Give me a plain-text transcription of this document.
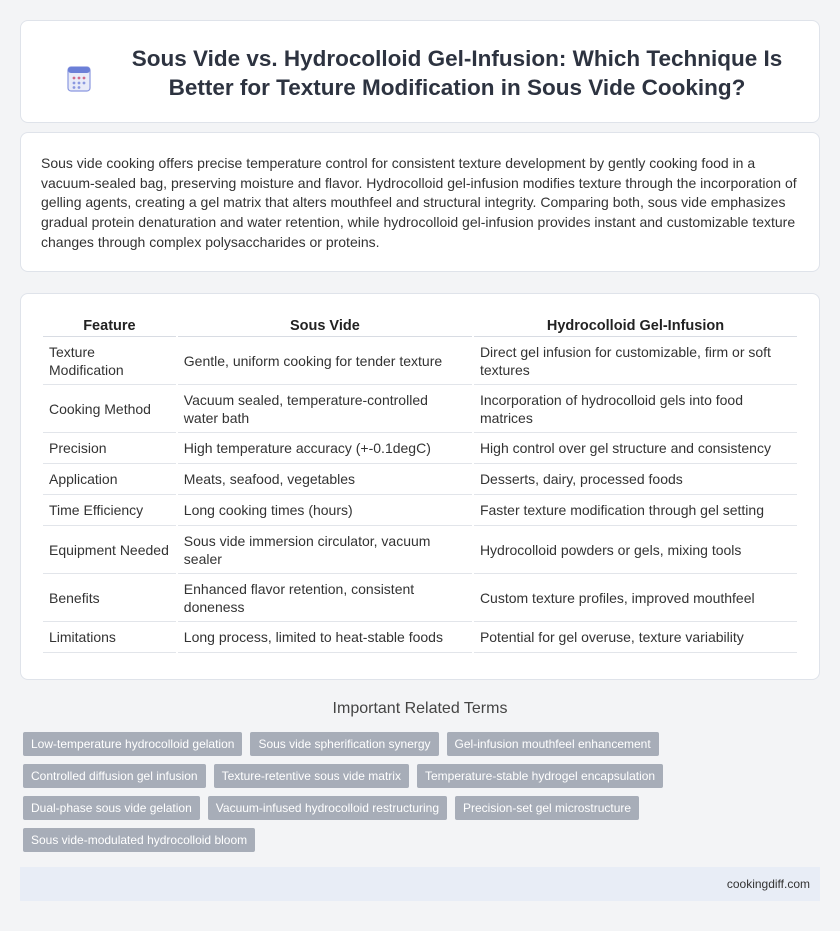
Sous Vide vs. Hydrocolloid Gel-Infusion: Which Technique Is Better for Texture Modification in Sous Vide Cooking?

Sous vide cooking offers precise temperature control for consistent texture development by gently cooking food in a vacuum-sealed bag, preserving moisture and flavor. Hydrocolloid gel-infusion modifies texture through the incorporation of gelling agents, creating a gel matrix that alters mouthfeel and structural integrity. Comparing both, sous vide emphasizes gradual protein denaturation and water retention, while hydrocolloid gel-infusion provides instant and customizable texture changes through complex polysaccharides or proteins.

Feature	Sous Vide	Hydrocolloid Gel-Infusion
Texture Modification	Gentle, uniform cooking for tender texture	Direct gel infusion for customizable, firm or soft textures
Cooking Method	Vacuum sealed, temperature-controlled water bath	Incorporation of hydrocolloid gels into food matrices
Precision	High temperature accuracy (+-0.1degC)	High control over gel structure and consistency
Application	Meats, seafood, vegetables	Desserts, dairy, processed foods
Time Efficiency	Long cooking times (hours)	Faster texture modification through gel setting
Equipment Needed	Sous vide immersion circulator, vacuum sealer	Hydrocolloid powders or gels, mixing tools
Benefits	Enhanced flavor retention, consistent doneness	Custom texture profiles, improved mouthfeel
Limitations	Long process, limited to heat-stable foods	Potential for gel overuse, texture variability
Important Related Terms
Low-temperature hydrocolloid gelation	Sous vide spherification synergy	Gel-infusion mouthfeel enhancement
Controlled diffusion gel infusion	Texture-retentive sous vide matrix	Temperature-stable hydrogel encapsulation
Dual-phase sous vide gelation	Vacuum-infused hydrocolloid restructuring	Precision-set gel microstructure
Sous vide-modulated hydrocolloid bloom
cookingdiff.com
